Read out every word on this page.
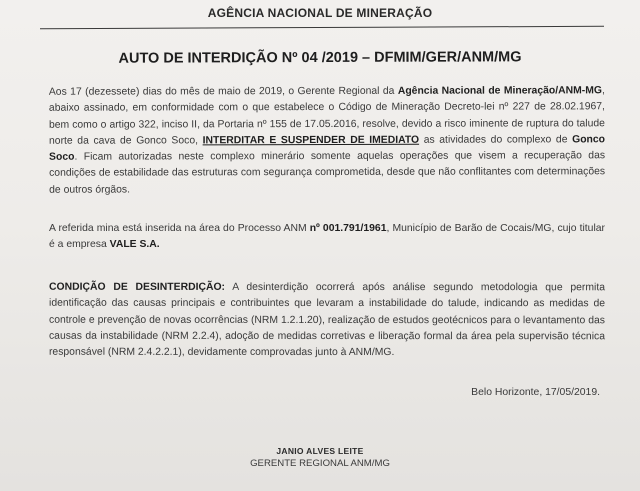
AGÊNCIA NACIONAL DE MINERAÇÃO
AUTO DE INTERDIÇÃO Nº 04 /2019 – DFMIM/GER/ANM/MG

Aos 17 (dezessete) dias do mês de maio de 2019, o Gerente Regional da Agência Nacional de Mineração/ANM-MG, abaixo assinado, em conformidade com o que estabelece o Código de Mineração Decreto-lei nº 227 de 28.02.1967, bem como o artigo 322, inciso II, da Portaria nº 155 de 17.05.2016, resolve, devido a risco iminente de ruptura do talude norte da cava de Gonco Soco, INTERDITAR E SUSPENDER DE IMEDIATO as atividades do complexo de Gonco Soco. Ficam autorizadas neste complexo minerário somente aquelas operações que visem a recuperação das condições de estabilidade das estruturas com segurança comprometida, desde que não conflitantes com determinações de outros órgãos.

A referida mina está inserida na área do Processo ANM nº 001.791/1961, Município de Barão de Cocais/MG, cujo titular é a empresa VALE S.A.

CONDIÇÃO DE DESINTERDIÇÃO: A desinterdição ocorrerá após análise segundo metodologia que permita identificação das causas principais e contribuintes que levaram a instabilidade do talude, indicando as medidas de controle e prevenção de novas ocorrências (NRM 1.2.1.20), realização de estudos geotécnicos para o levantamento das causas da instabilidade (NRM 2.2.4), adoção de medidas corretivas e liberação formal da área pela supervisão técnica responsável (NRM 2.4.2.2.1), devidamente comprovadas junto à ANM/MG.

Belo Horizonte, 17/05/2019.
JANIO ALVES LEITE
GERENTE REGIONAL ANM/MG
